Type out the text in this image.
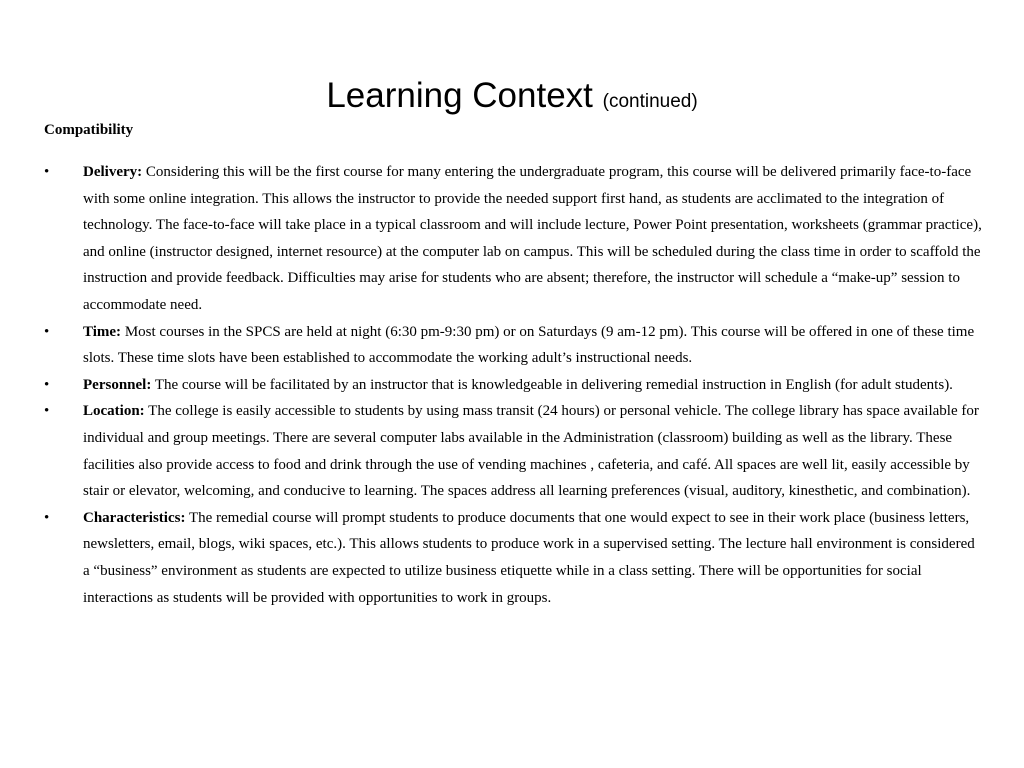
Learning Context (continued)
Compatibility
• Delivery: Considering this will be the first course for many entering the undergraduate program, this course will be delivered primarily face-to-face with some online integration. This allows the instructor to provide the needed support first hand, as students are acclimated to the integration of technology. The face-to-face will take place in a typical classroom and will include lecture, Power Point presentation, worksheets (grammar practice), and online (instructor designed, internet resource) at the computer lab on campus. This will be scheduled during the class time in order to scaffold the instruction and provide feedback. Difficulties may arise for students who are absent; therefore, the instructor will schedule a “make-up” session to accommodate need.
• Time: Most courses in the SPCS are held at night (6:30 pm-9:30 pm) or on Saturdays (9 am-12 pm). This course will be offered in one of these time slots. These time slots have been established to accommodate the working adult’s instructional needs.
• Personnel: The course will be facilitated by an instructor that is knowledgeable in delivering remedial instruction in English (for adult students).
• Location: The college is easily accessible to students by using mass transit (24 hours) or personal vehicle. The college library has space available for individual and group meetings. There are several computer labs available in the Administration (classroom) building as well as the library. These facilities also provide access to food and drink through the use of vending machines , cafeteria, and café. All spaces are well lit, easily accessible by stair or elevator, welcoming, and conducive to learning. The spaces address all learning preferences (visual, auditory, kinesthetic, and combination).
• Characteristics: The remedial course will prompt students to produce documents that one would expect to see in their work place (business letters, newsletters, email, blogs, wiki spaces, etc.). This allows students to produce work in a supervised setting. The lecture hall environment is considered a “business” environment as students are expected to utilize business etiquette while in a class setting. There will be opportunities for social interactions as students will be provided with opportunities to work in groups.
